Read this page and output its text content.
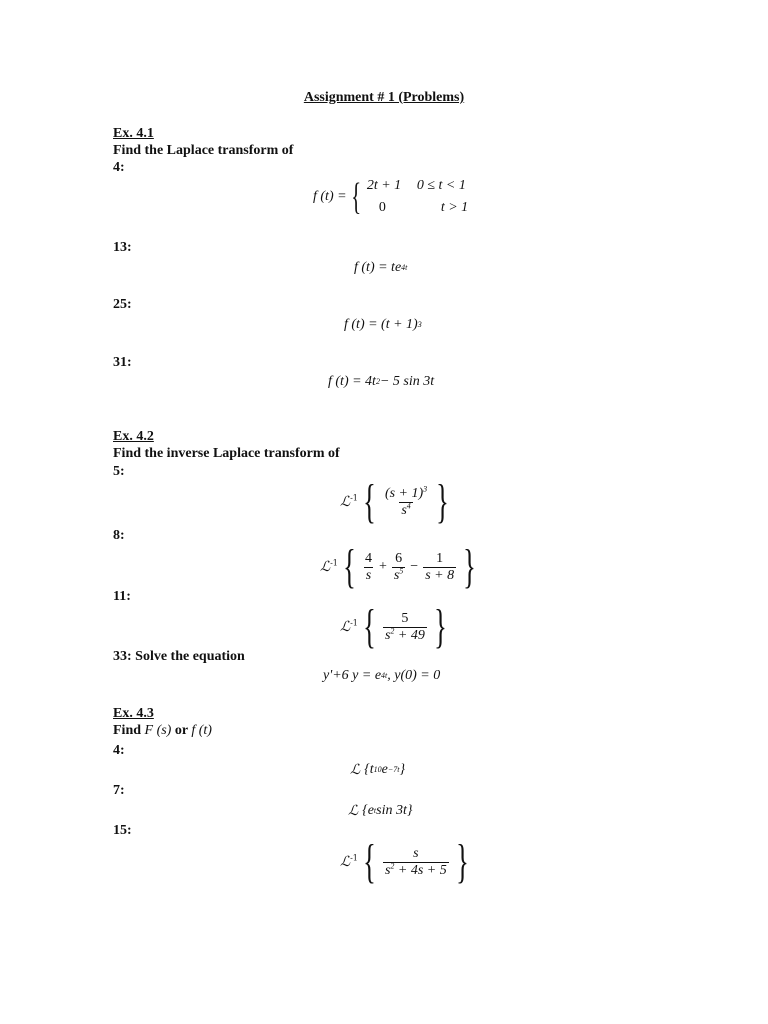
Assignment # 1 (Problems)
Ex. 4.1
Find the Laplace transform of
4:
f (t) = { 2t + 1	0 ≤ t < 1
0	t > 1
13:
f (t) = te 4t
25:
f (t) = (t + 1) 3
31:
f (t) = 4t 2 − 5 sin 3t
Ex. 4.2
Find the inverse Laplace transform of
5:
ℒ$^{-1}$ { $\frac{(s + 1)^3}{s^4}$ }
8:
ℒ$^{-1}$ { $\frac{4}{s} + \frac{6}{s^5} - \frac{1}{s + 8}$ }
11:
ℒ$^{-1}$ { $\frac{5}{s^2 + 49}$ }
33: Solve the equation
y'+6 y = e 4t , y(0) = 0
Ex. 4.3
Find F (s) or f (t)
4:
ℒ {t 10 e −7t }
7:
ℒ {e t sin 3t}
15:
ℒ$^{-1}$ { $\frac{s}{s^2 + 4s + 5}$ }
